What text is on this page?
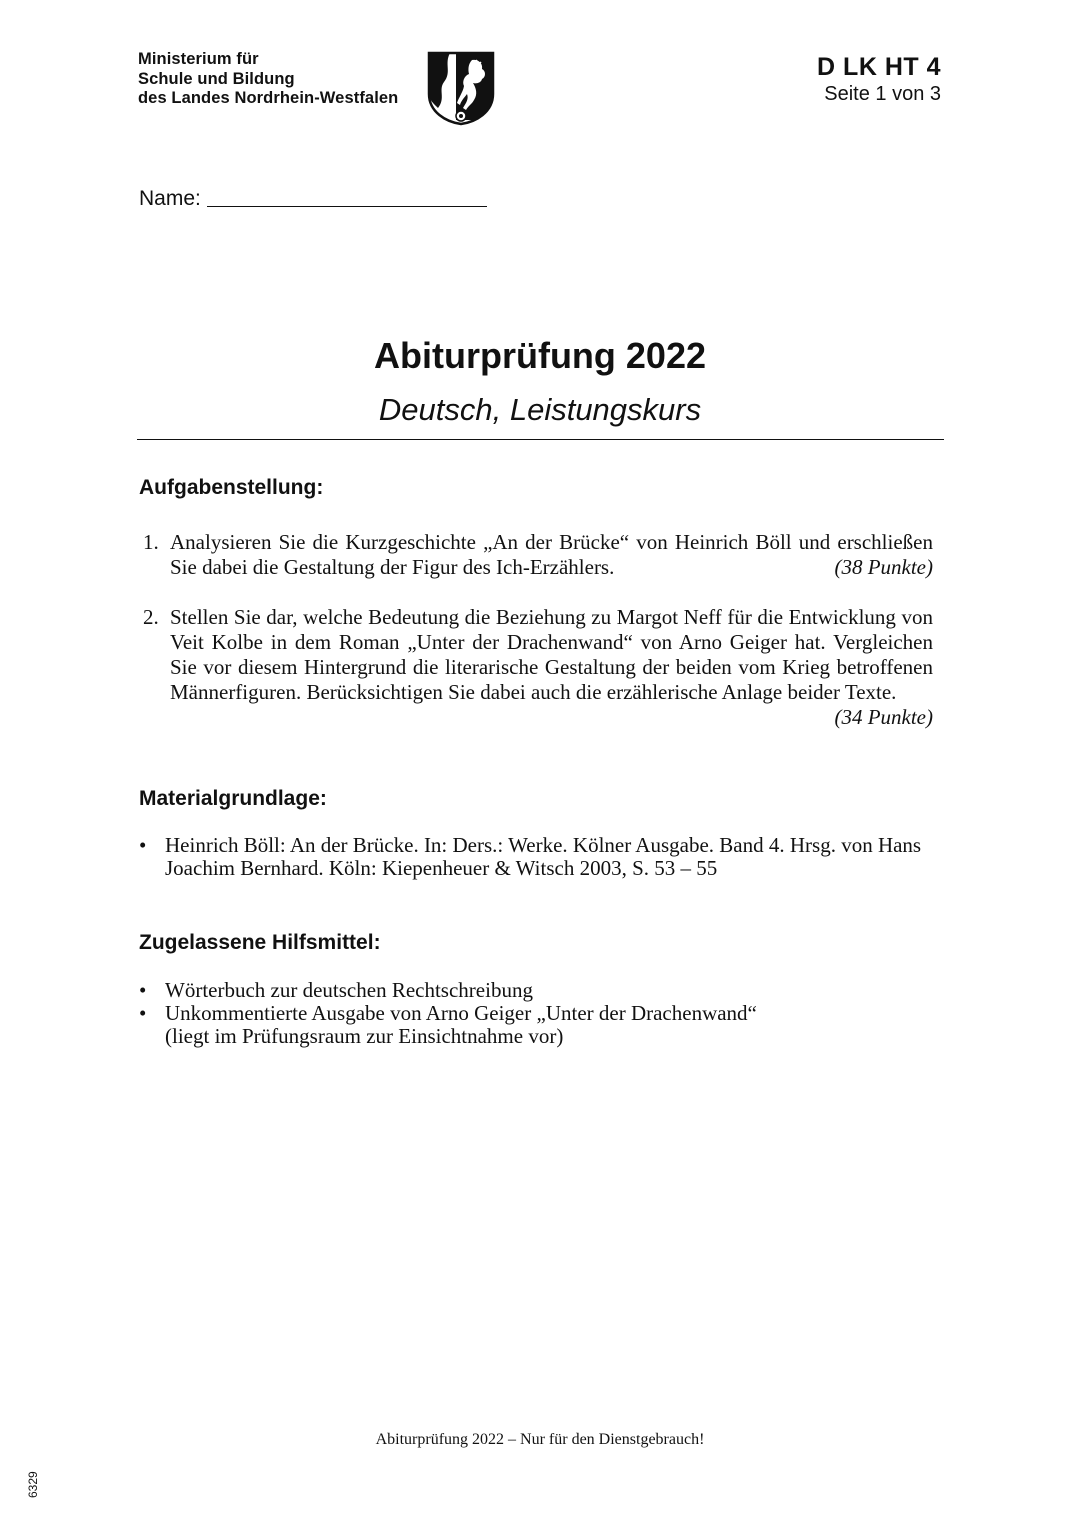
Ministerium für
Schule und Bildung
des Landes Nordrhein-Westfalen
D LK HT 4
Seite 1 von 3
Name:
Abiturprüfung 2022
Deutsch, Leistungskurs
Aufgabenstellung:
1. Analysieren Sie die Kurzgeschichte „An der Brücke“ von Heinrich Böll und erschließen Sie dabei die Gestaltung der Figur des Ich-Erzählers.	(38 Punkte)
2. Stellen Sie dar, welche Bedeutung die Beziehung zu Margot Neff für die Entwicklung von Veit Kolbe in dem Roman „Unter der Drachenwand“ von Arno Geiger hat. Vergleichen Sie vor diesem Hintergrund die literarische Gestaltung der beiden vom Krieg betroffenen Männerfiguren. Berücksichtigen Sie dabei auch die erzählerische Anlage beider Texte.
(34 Punkte)
Materialgrundlage:
• Heinrich Böll: An der Brücke. In: Ders.: Werke. Kölner Ausgabe. Band 4. Hrsg. von Hans Joachim Bernhard. Köln: Kiepenheuer & Witsch 2003, S. 53 – 55
Zugelassene Hilfsmittel:
• Wörterbuch zur deutschen Rechtschreibung
• Unkommentierte Ausgabe von Arno Geiger „Unter der Drachenwand“ (liegt im Prüfungsraum zur Einsichtnahme vor)
Abiturprüfung 2022 – Nur für den Dienstgebrauch!
6329
